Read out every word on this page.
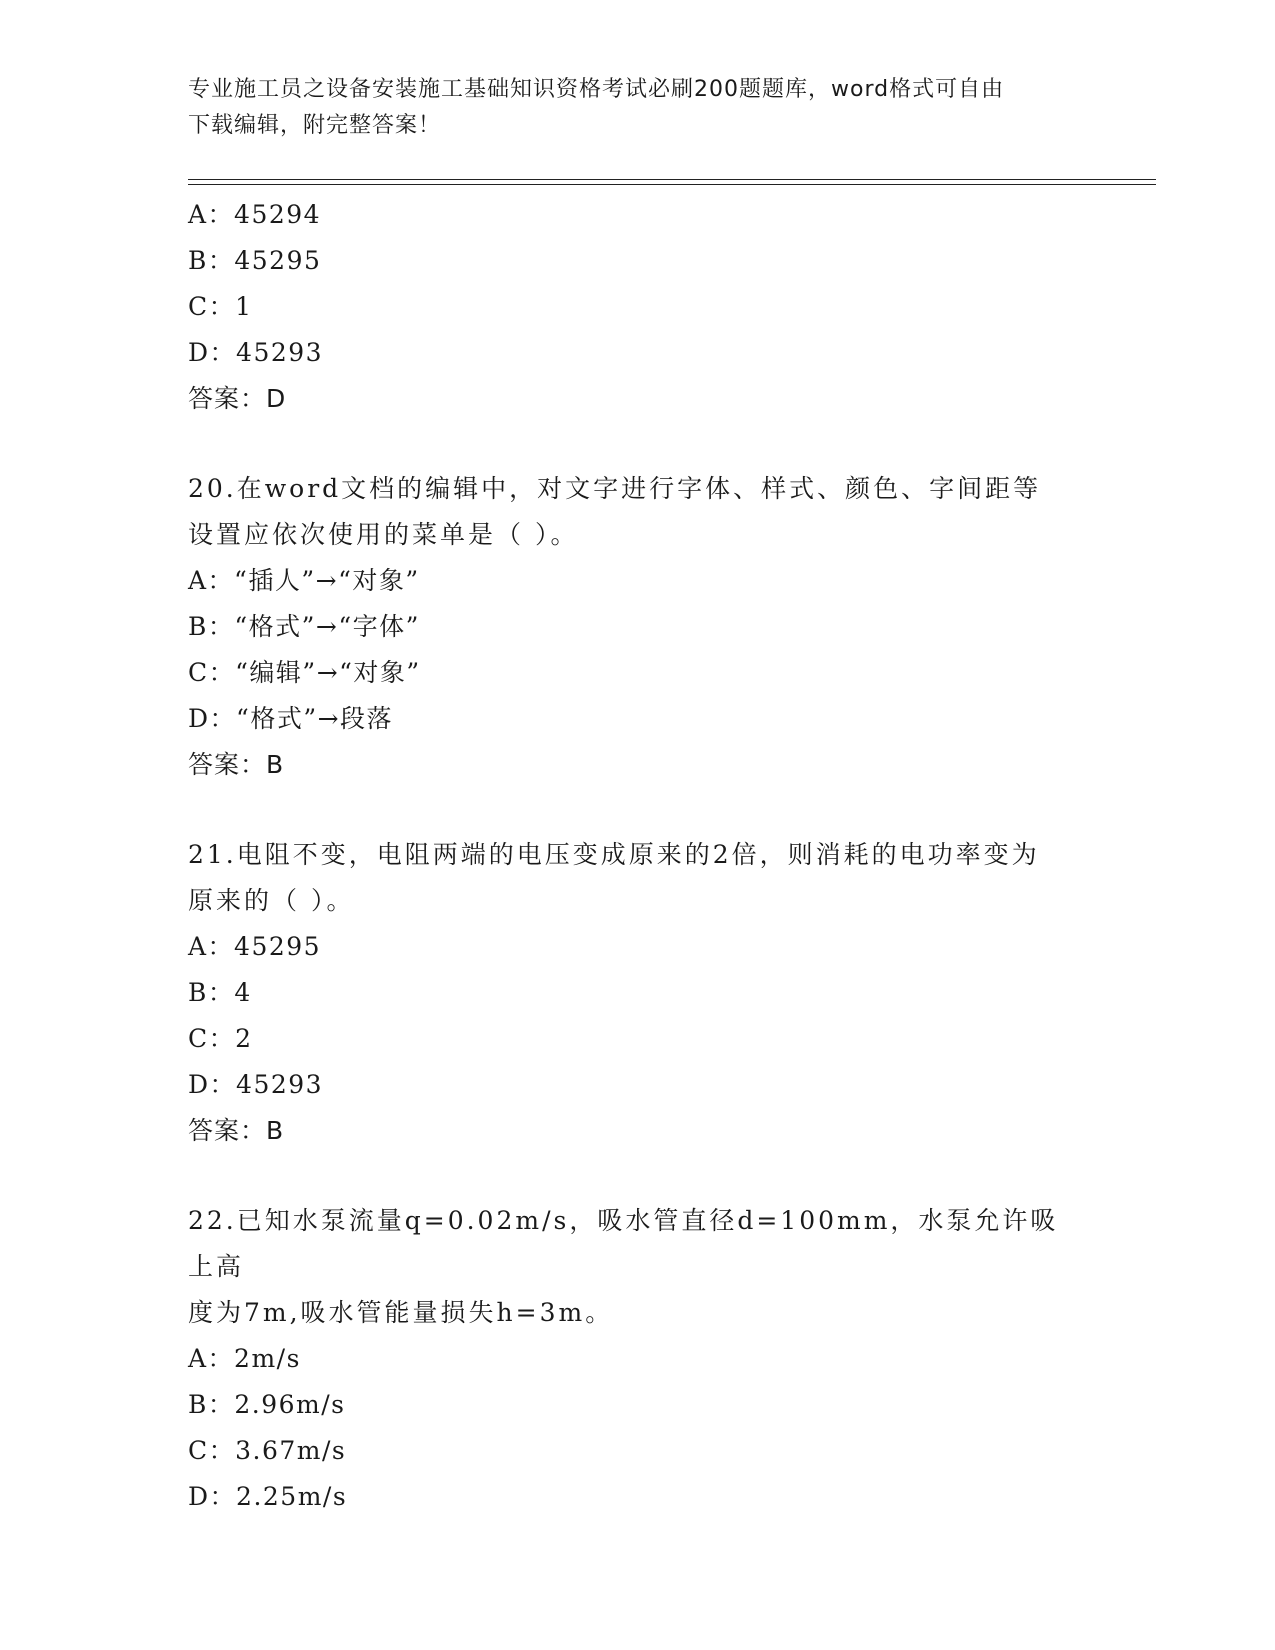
专业施工员之设备安装施工基础知识资格考试必刷200题题库，word格式可自由
下载编辑，附完整答案！
A：45294
B：45295
C：1
D：45293
答案：D
20.在word文档的编辑中，对文字进行字体、样式、颜色、字间距等
设置应依次使用的菜单是（ ）。
A：“插人”→“对象”
B：“格式”→“字体”
C：“编辑”→“对象”
D：“格式”→段落
答案：B
21.电阻不变，电阻两端的电压变成原来的2倍，则消耗的电功率变为
原来的（ ）。
A：45295
B：4
C：2
D：45293
答案：B
22.已知水泵流量q=0.02m/s，吸水管直径d=100mm，水泵允许吸上高
度为7m,吸水管能量损失h=3m。
A：2m/s
B：2.96m/s
C：3.67m/s
D：2.25m/s
